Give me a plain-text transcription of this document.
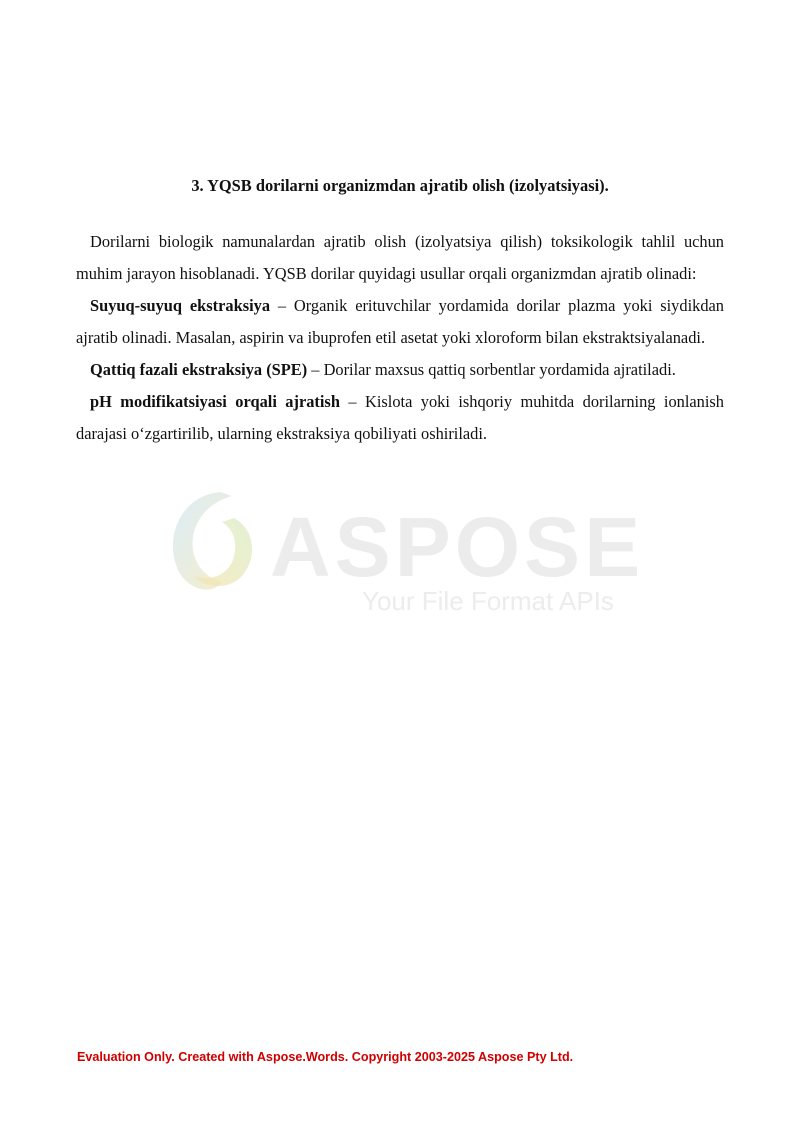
ASPOSE
Your File Format APIs

3. YQSB dorilarni organizmdan ajratib olish (izolyatsiyasi).

Dorilarni biologik namunalardan ajratib olish (izolyatsiya qilish) toksikologik tahlil uchun muhim jarayon hisoblanadi. YQSB dorilar quyidagi usullar orqali organizmdan ajratib olinadi:

Suyuq-suyuq ekstraksiya – Organik erituvchilar yordamida dorilar plazma yoki siydikdan ajratib olinadi. Masalan, aspirin va ibuprofen etil asetat yoki xloroform bilan ekstraktsiyalanadi.

Qattiq fazali ekstraksiya (SPE) – Dorilar maxsus qattiq sorbentlar yordamida ajratiladi.

pH modifikatsiyasi orqali ajratish – Kislota yoki ishqoriy muhitda dorilarning ionlanish darajasi o‘zgartirilib, ularning ekstraksiya qobiliyati oshiriladi.

Evaluation Only. Created with Aspose.Words. Copyright 2003-2025 Aspose Pty Ltd.
